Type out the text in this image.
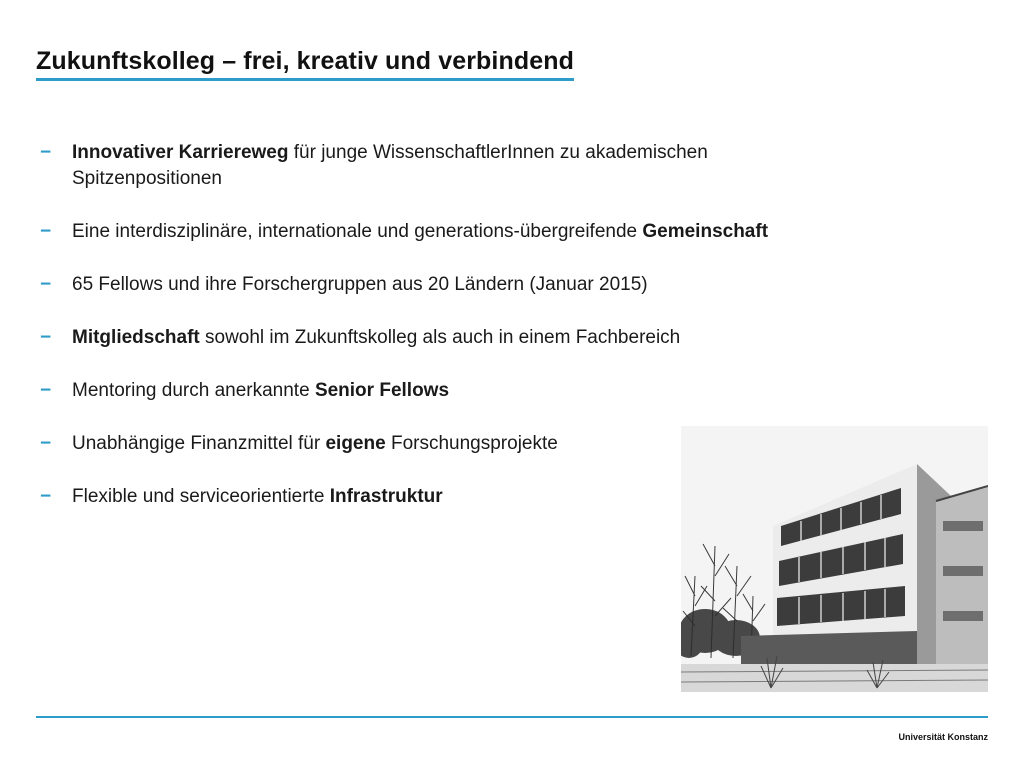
Zukunftskolleg – frei, kreativ und verbindend
− Innovativer Karriereweg für junge WissenschaftlerInnen zu akademischen Spitzenpositionen
− Eine interdisziplinäre, internationale und generations-übergreifende Gemeinschaft
− 65 Fellows und ihre Forschergruppen aus 20 Ländern (Januar 2015)
− Mitgliedschaft sowohl im Zukunftskolleg als auch in einem Fachbereich
− Mentoring durch anerkannte Senior Fellows
− Unabhängige Finanzmittel für eigene Forschungsprojekte
− Flexible und serviceorientierte Infrastruktur
Universität Konstanz
